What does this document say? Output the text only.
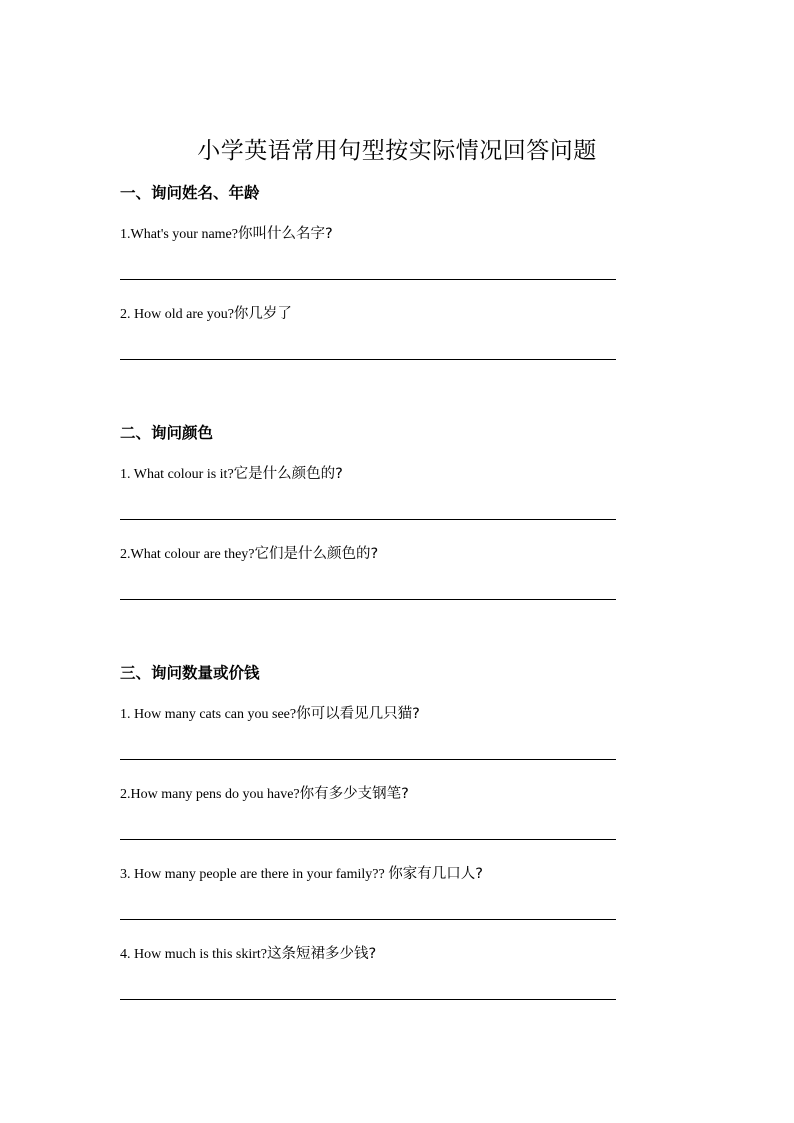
小学英语常用句型按实际情况回答问题
一、询问姓名、年龄
1.What's your name?你叫什么名字?
2. How old are you?你几岁了
二、询问颜色
1. What colour is it?它是什么颜色的?
2.What colour are they?它们是什么颜色的?
三、询问数量或价钱
1. How many cats can you see?你可以看见几只猫?
2.How many pens do you have?你有多少支钢笔?
3. How many people are there in your family?? 你家有几口人?
4. How much is this skirt?这条短裙多少钱?
